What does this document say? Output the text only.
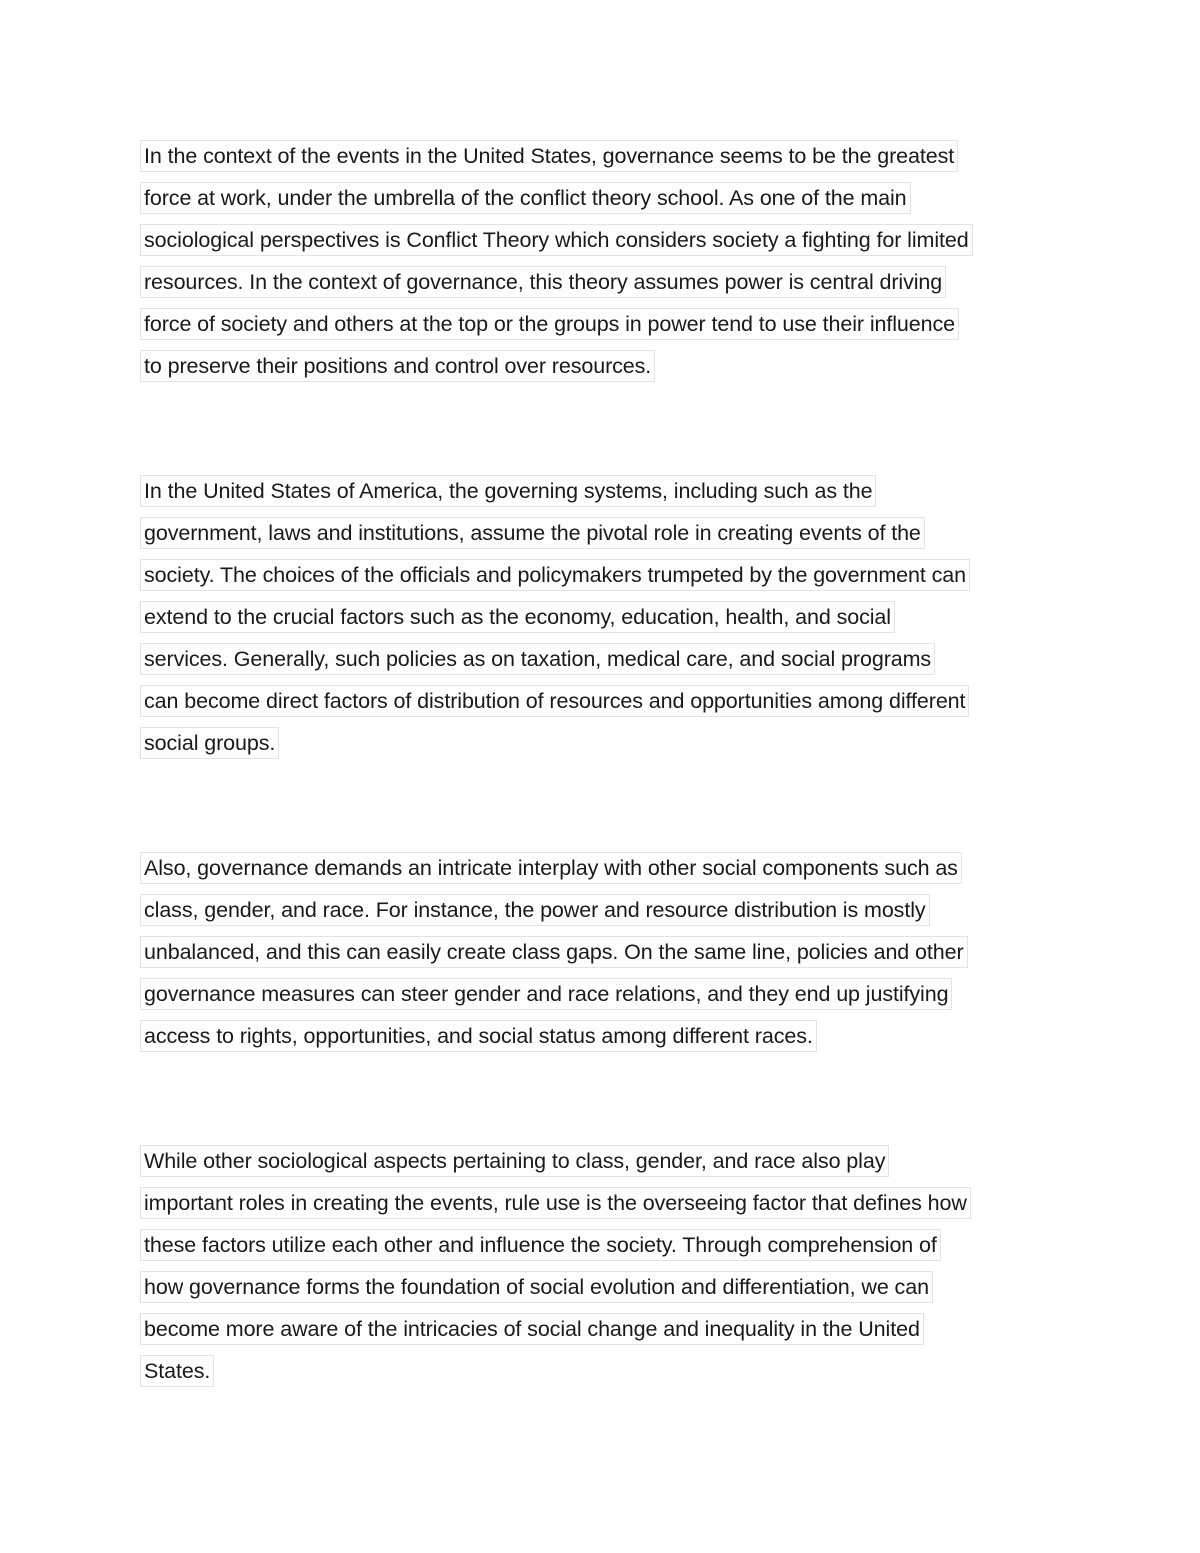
In the context of the events in the United States, governance seems to be the greatest
force at work, under the umbrella of the conflict theory school. As one of the main
sociological perspectives is Conflict Theory which considers society a fighting for limited
resources. In the context of governance, this theory assumes power is central driving
force of society and others at the top or the groups in power tend to use their influence
to preserve their positions and control over resources.
In the United States of America, the governing systems, including such as the
government, laws and institutions, assume the pivotal role in creating events of the
society. The choices of the officials and policymakers trumpeted by the government can
extend to the crucial factors such as the economy, education, health, and social
services. Generally, such policies as on taxation, medical care, and social programs
can become direct factors of distribution of resources and opportunities among different
social groups.
Also, governance demands an intricate interplay with other social components such as
class, gender, and race. For instance, the power and resource distribution is mostly
unbalanced, and this can easily create class gaps. On the same line, policies and other
governance measures can steer gender and race relations, and they end up justifying
access to rights, opportunities, and social status among different races.
While other sociological aspects pertaining to class, gender, and race also play
important roles in creating the events, rule use is the overseeing factor that defines how
these factors utilize each other and influence the society. Through comprehension of
how governance forms the foundation of social evolution and differentiation, we can
become more aware of the intricacies of social change and inequality in the United
States.
